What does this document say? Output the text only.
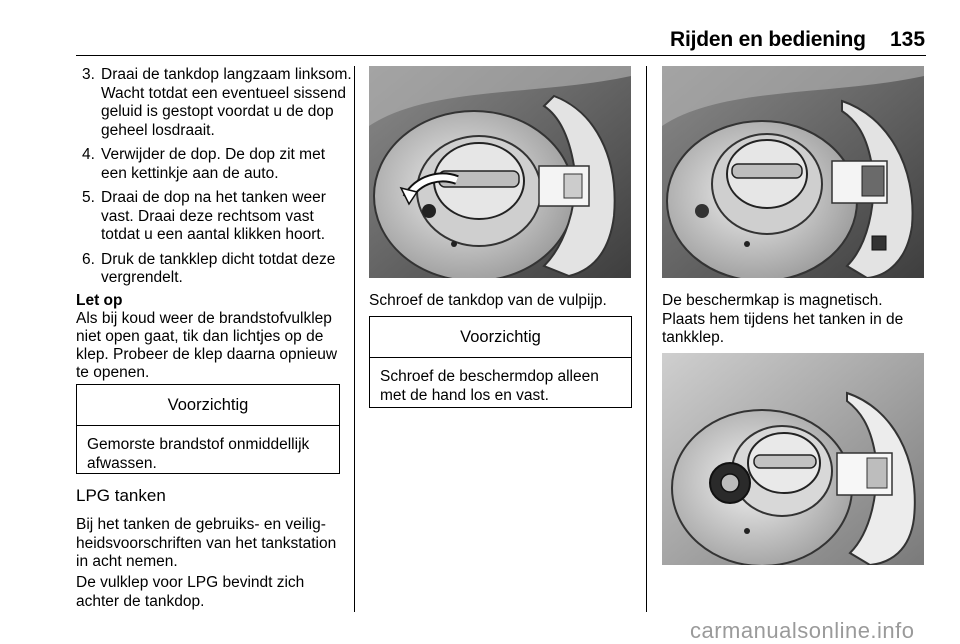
Rijden en bediening 135
3. Draai de tankdop langzaam linksom. Wacht totdat een eventueel sissend geluid is gestopt voordat u de dop geheel losdraait.
4. Verwijder de dop. De dop zit met een kettinkje aan de auto.
5. Draai de dop na het tanken weer vast. Draai deze rechtsom vast totdat u een aantal klikken hoort.
6. Druk de tankklep dicht totdat deze vergrendelt.
Let op
Als bij koud weer de brandstofvulklep niet open gaat, tik dan lichtjes op de klep. Probeer de klep daarna opnieuw te openen.
Voorzichtig
Gemorste brandstof onmiddellijk afwassen.
LPG tanken
Bij het tanken de gebruiks- en veiligheidsvoorschriften van het tankstation in acht nemen.
De vulklep voor LPG bevindt zich achter de tankdop.
Schroef de tankdop van de vulpijp.
Voorzichtig
Schroef de beschermdop alleen met de hand los en vast.
De beschermkap is magnetisch. Plaats hem tijdens het tanken in de tankklep.
carmanualsonline.info
